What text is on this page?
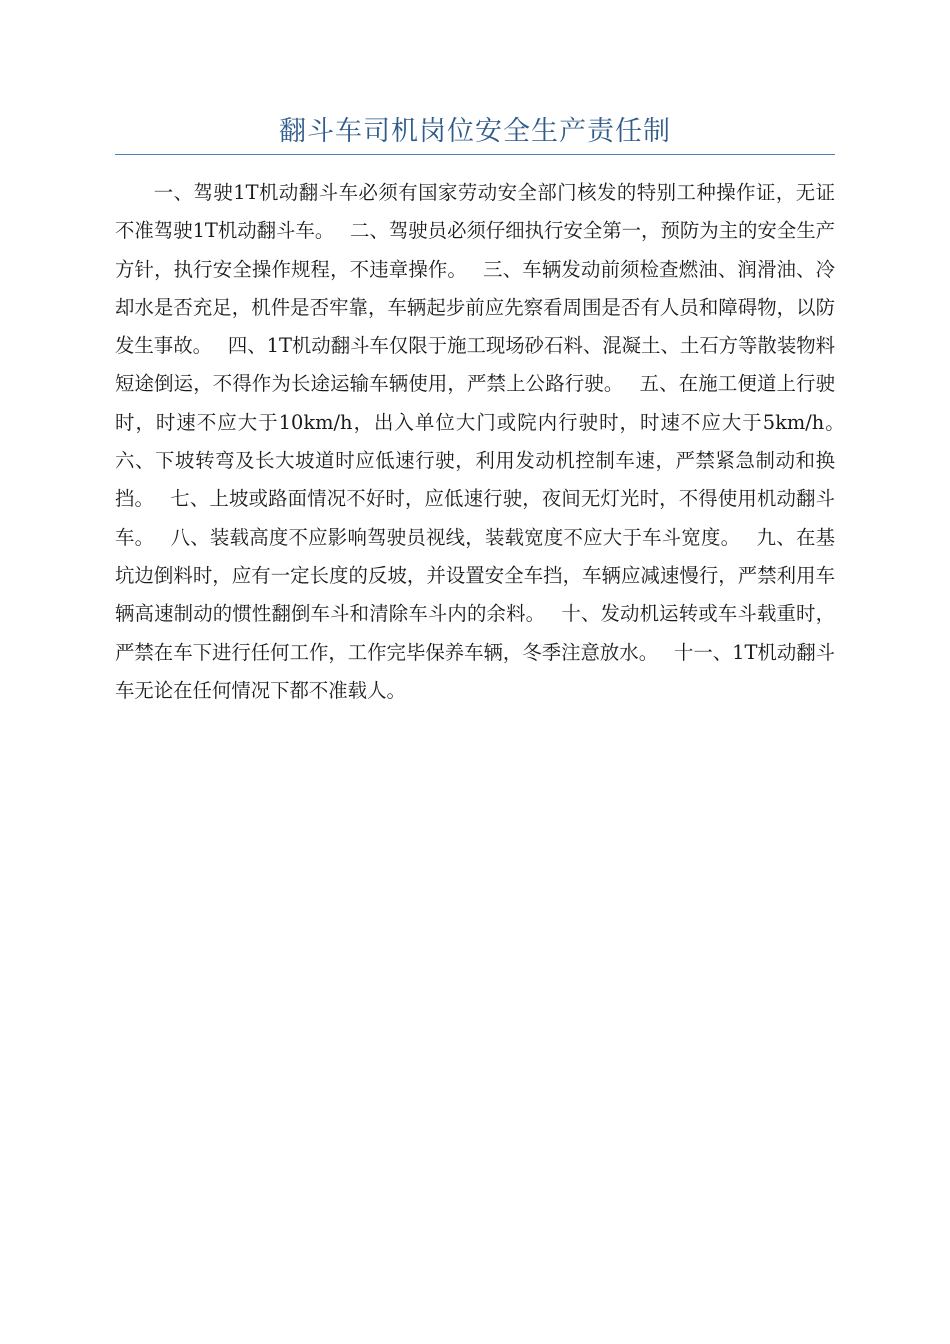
翻斗车司机岗位安全生产责任制

一、驾驶1T机动翻斗车必须有国家劳动安全部门核发的特别工种操作证，无证不准驾驶1T机动翻斗车。　 二、驾驶员必须仔细执行安全第一，预防为主的安全生产方针，执行安全操作规程，不违章操作。　 三、车辆发动前须检查燃油、润滑油、冷却水是否充足，机件是否牢靠，车辆起步前应先察看周围是否有人员和障碍物，以防发生事故。　 四、1T机动翻斗车仅限于施工现场砂石料、混凝土、土石方等散装物料短途倒运，不得作为长途运输车辆使用，严禁上公路行驶。　 五、在施工便道上行驶时，时速不应大于10km/h，出入单位大门或院内行驶时，时速不应大于5km/h。　 六、下坡转弯及长大坡道时应低速行驶，利用发动机控制车速，严禁紧急制动和换挡。　 七、上坡或路面情况不好时，应低速行驶，夜间无灯光时，不得使用机动翻斗车。　 八、装载高度不应影响驾驶员视线，装载宽度不应大于车斗宽度。　 九、在基坑边倒料时，应有一定长度的反坡，并设置安全车挡，车辆应减速慢行，严禁利用车辆高速制动的惯性翻倒车斗和清除车斗内的余料。　 十、发动机运转或车斗载重时，严禁在车下进行任何工作，工作完毕保养车辆，冬季注意放水。　 十一、1T机动翻斗车无论在任何情况下都不准载人。
